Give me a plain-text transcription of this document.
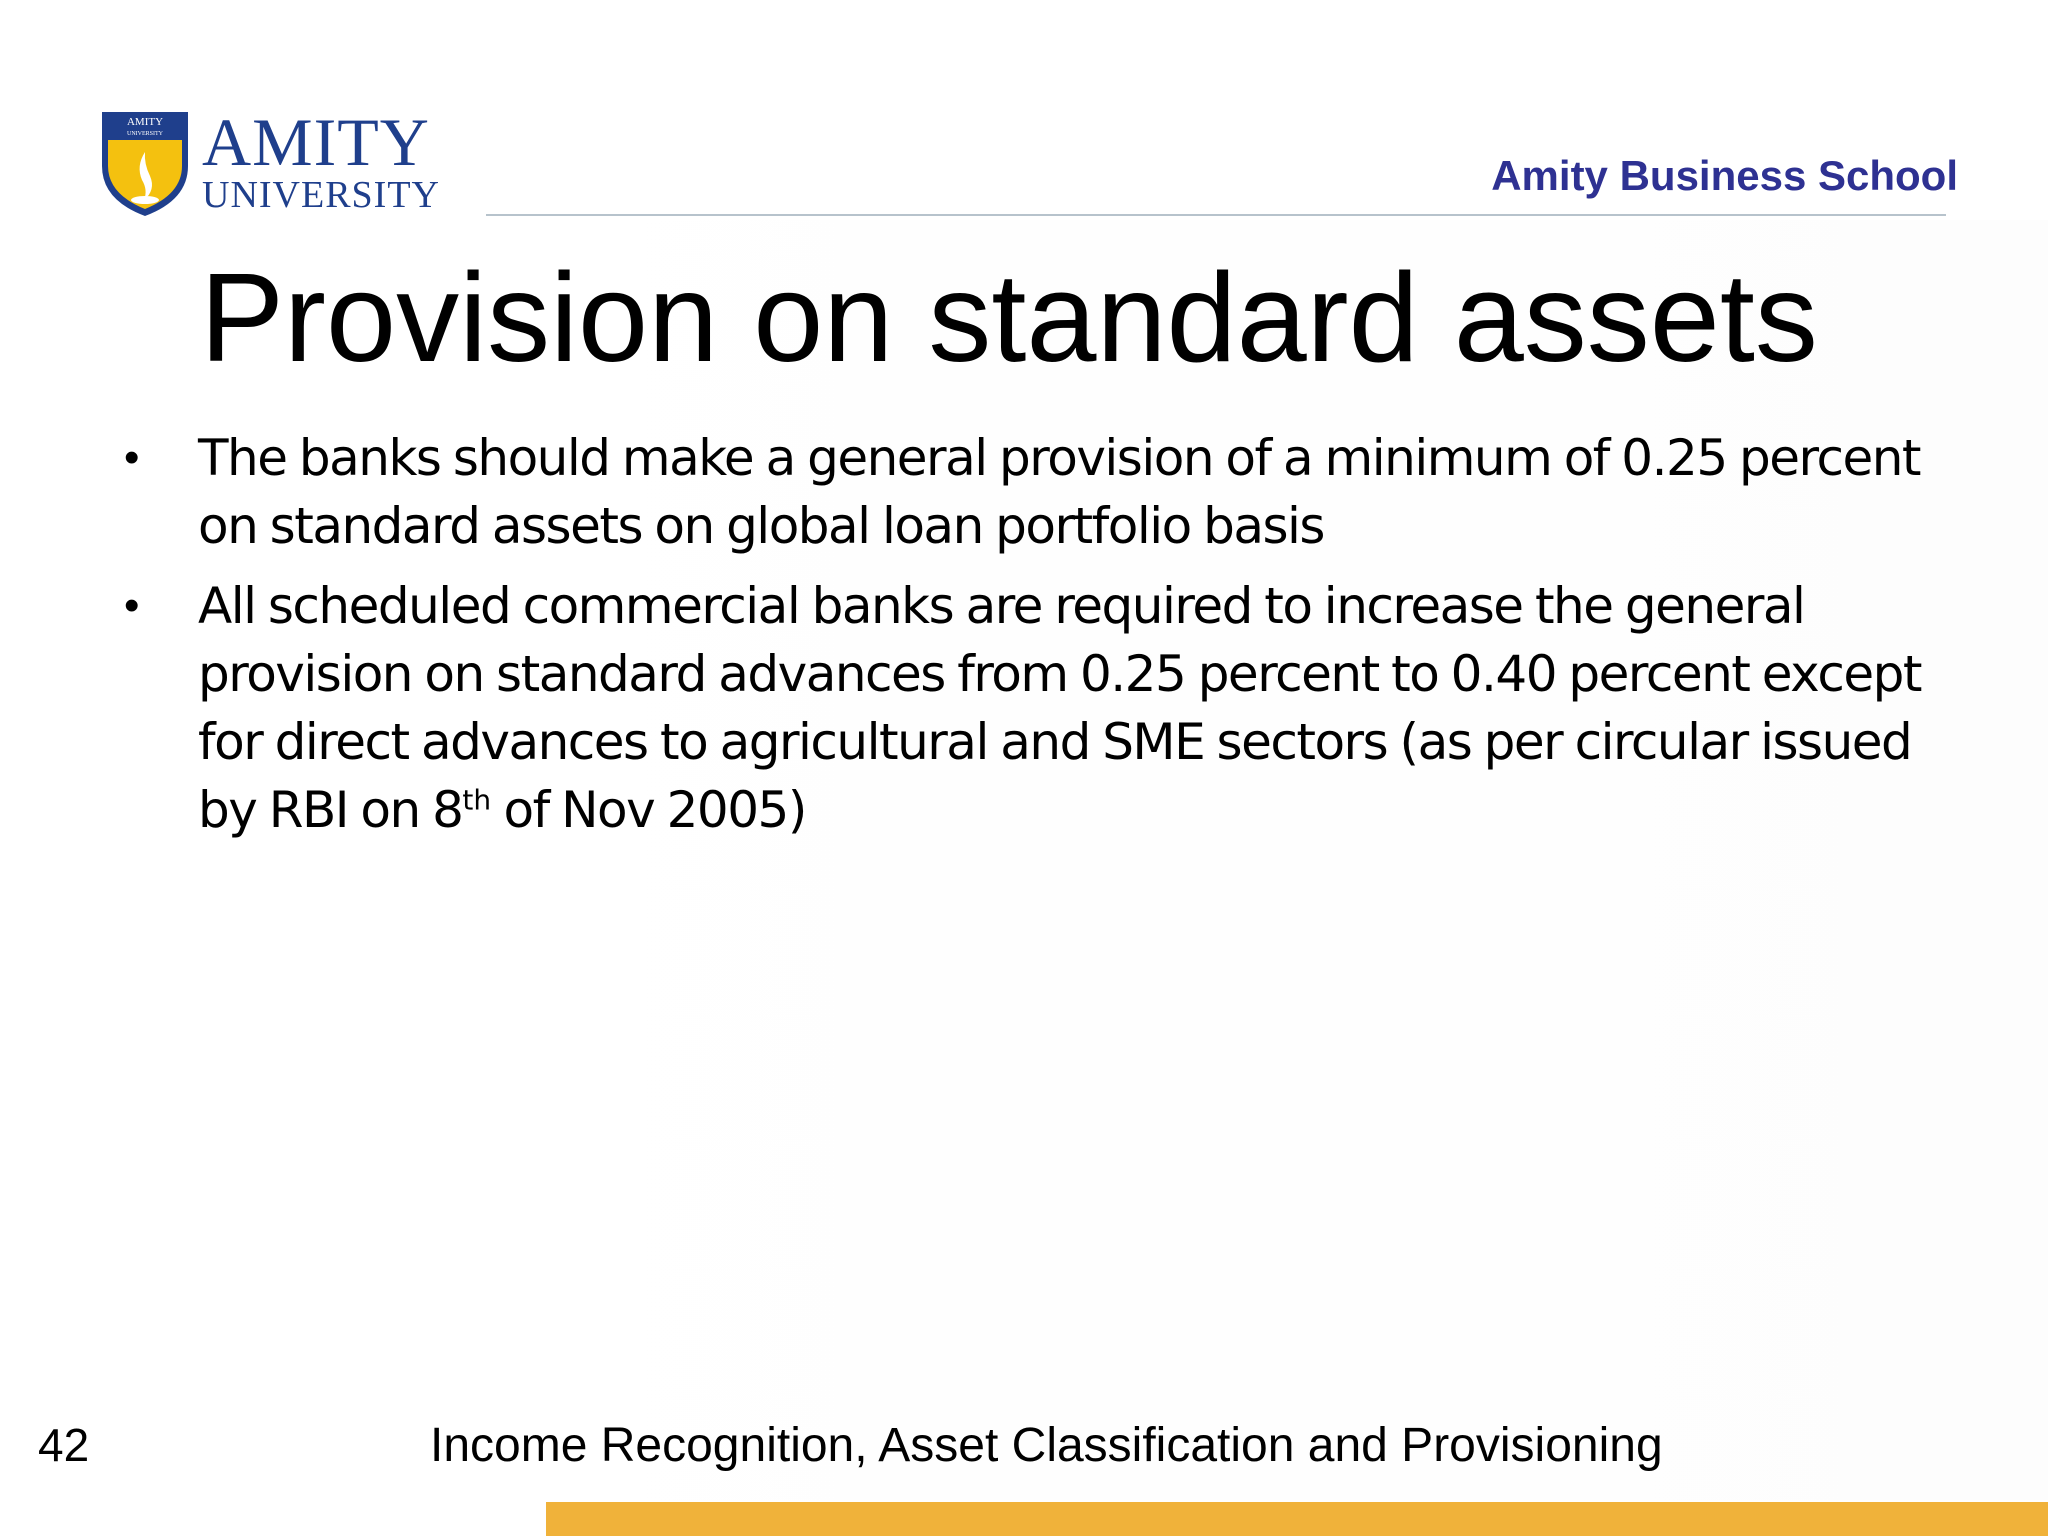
AMITY
UNIVERSITY AMITY
UNIVERSITY	Amity Business School
Provision on standard assets
• The banks should make a general provision of a minimum of 0.25 percent on standard assets on global loan portfolio basis
• All scheduled commercial banks are required to increase the general provision on standard advances from 0.25 percent to 0.40 percent except for direct advances to agricultural and SME sectors (as per circular issued by RBI on 8th of Nov 2005)
42	Income Recognition, Asset Classification and Provisioning
